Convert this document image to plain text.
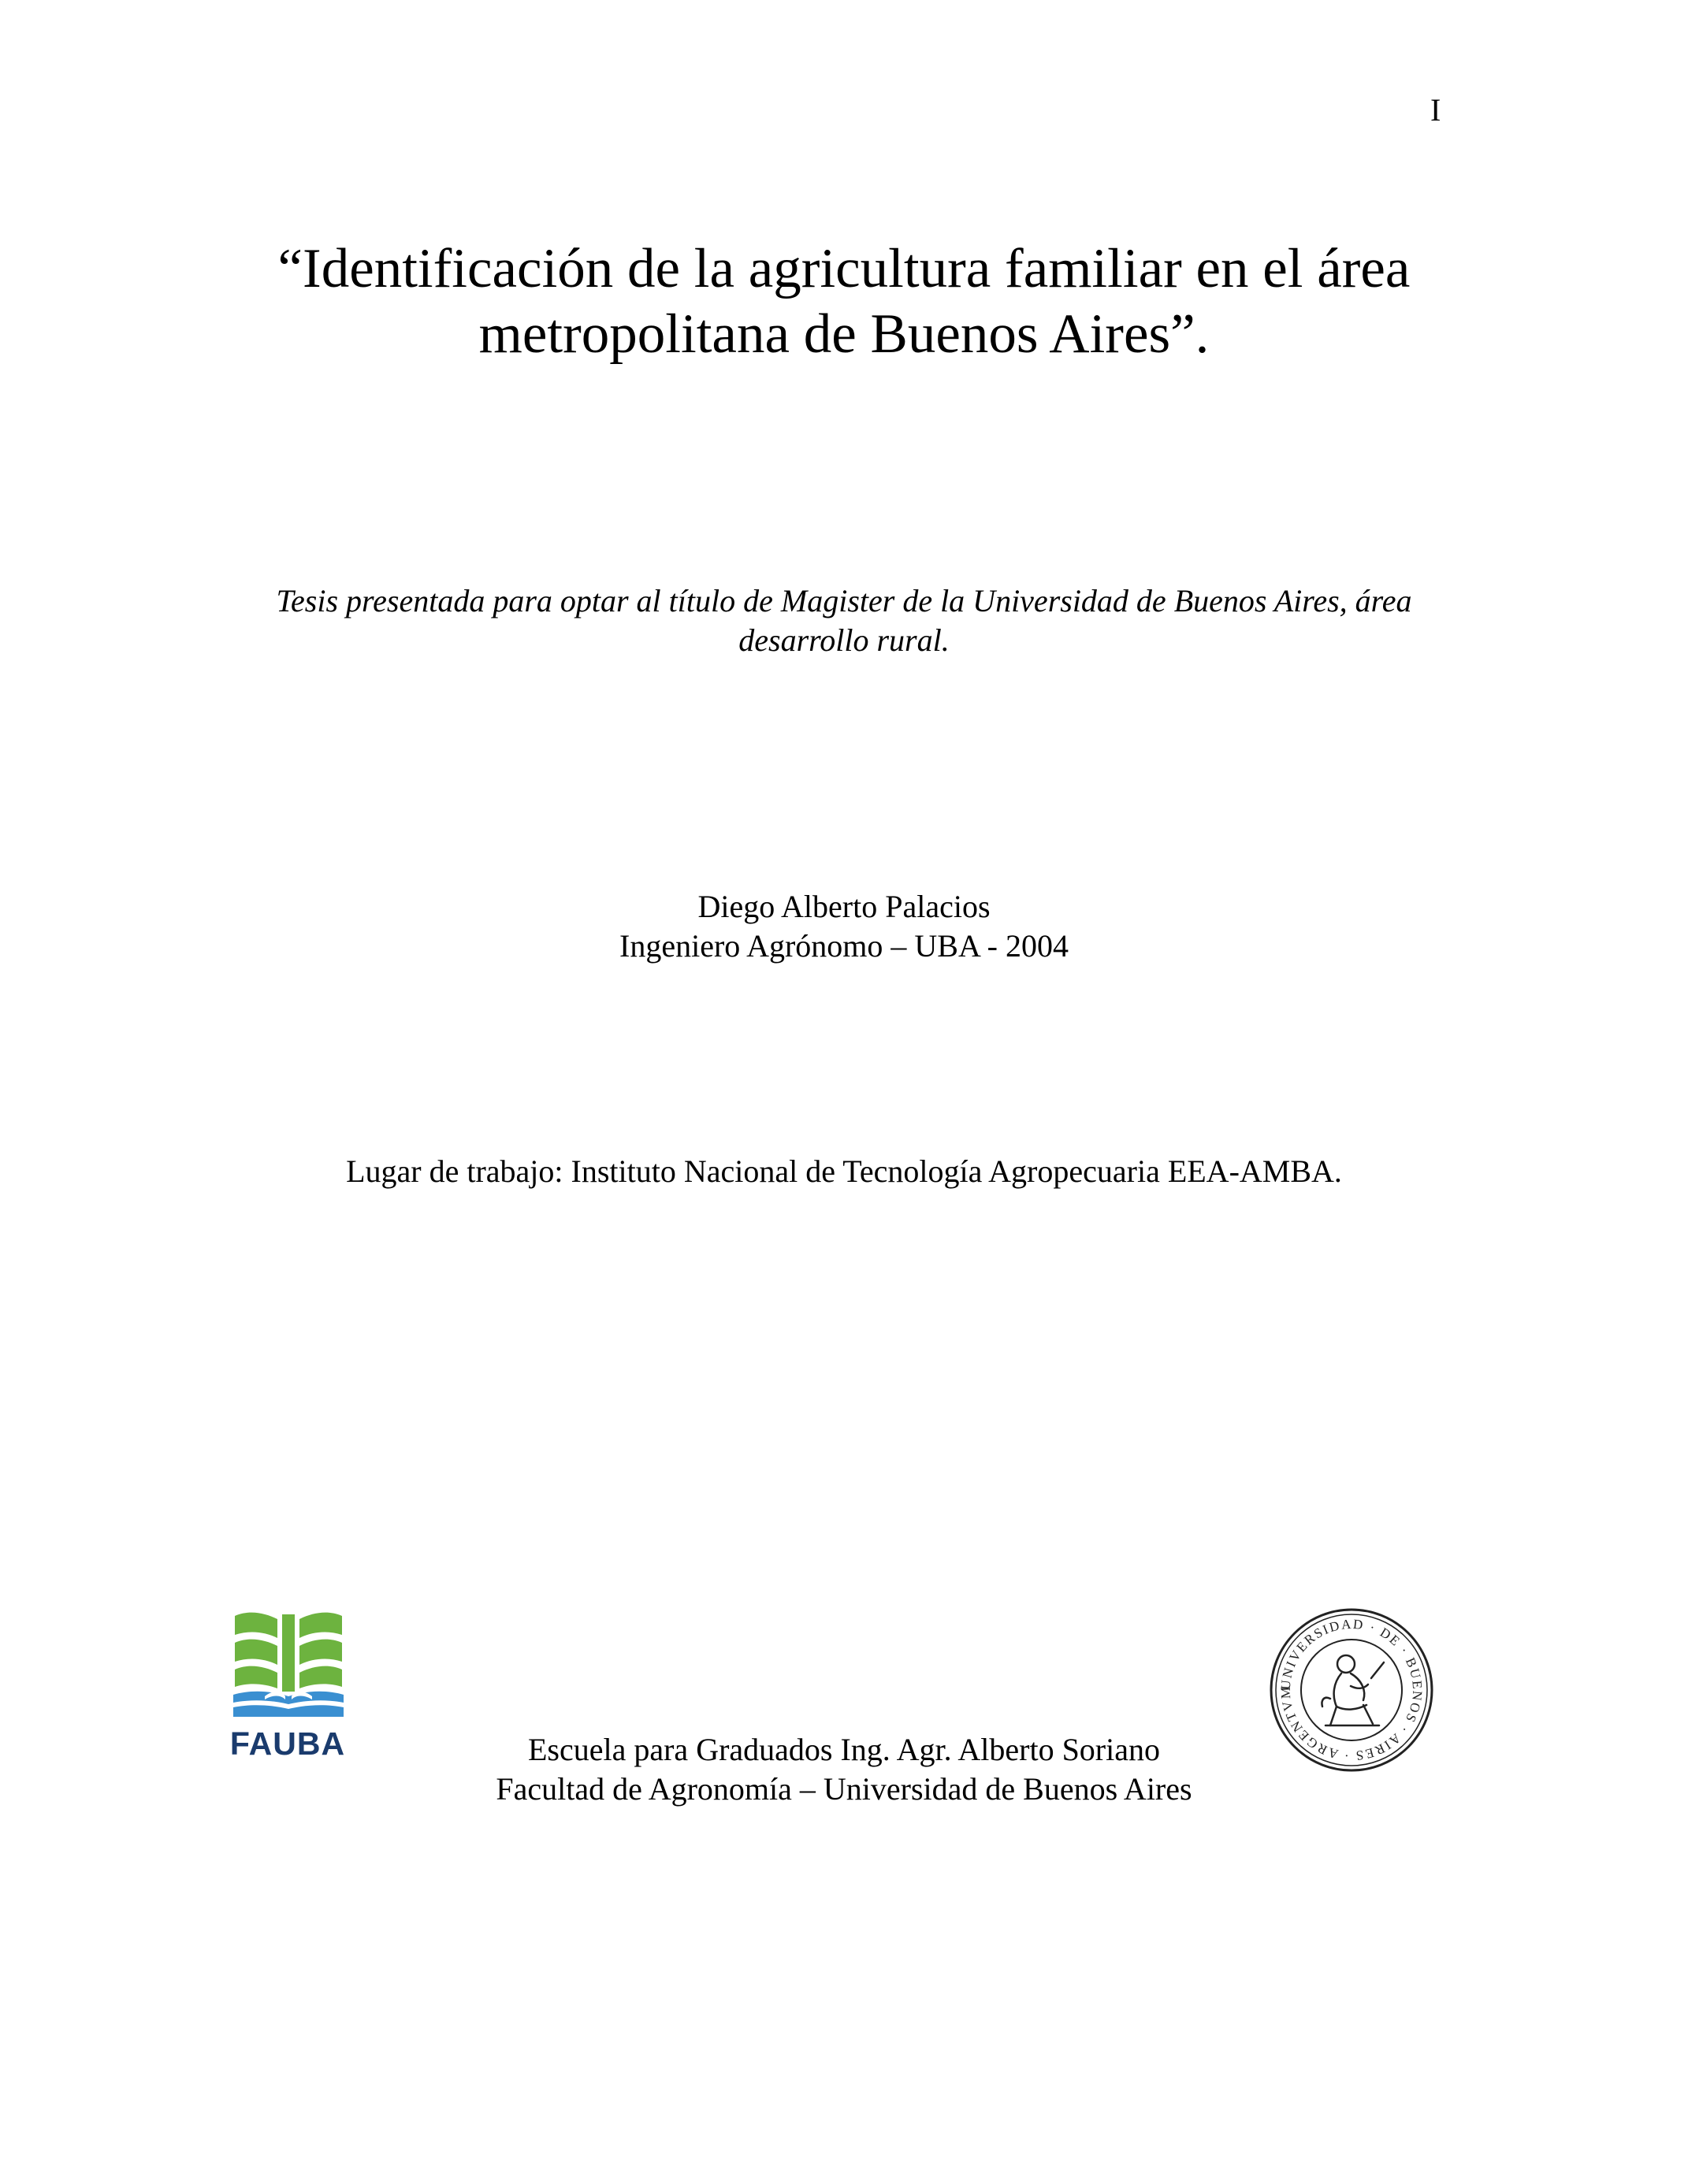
I
“Identificación de la agricultura familiar en el área
metropolitana de Buenos Aires”.
Tesis presentada para optar al título de Magister de la Universidad de Buenos Aires, área
desarrollo rural.
Diego Alberto Palacios
Ingeniero Agrónomo – UBA - 2004
Lugar de trabajo: Instituto Nacional de Tecnología Agropecuaria EEA-AMBA.
FAUBA
UNIVERSIDAD · DE · BUENOS · AIRES · ARGENTVM
Escuela para Graduados Ing. Agr. Alberto Soriano
Facultad de Agronomía – Universidad de Buenos Aires
